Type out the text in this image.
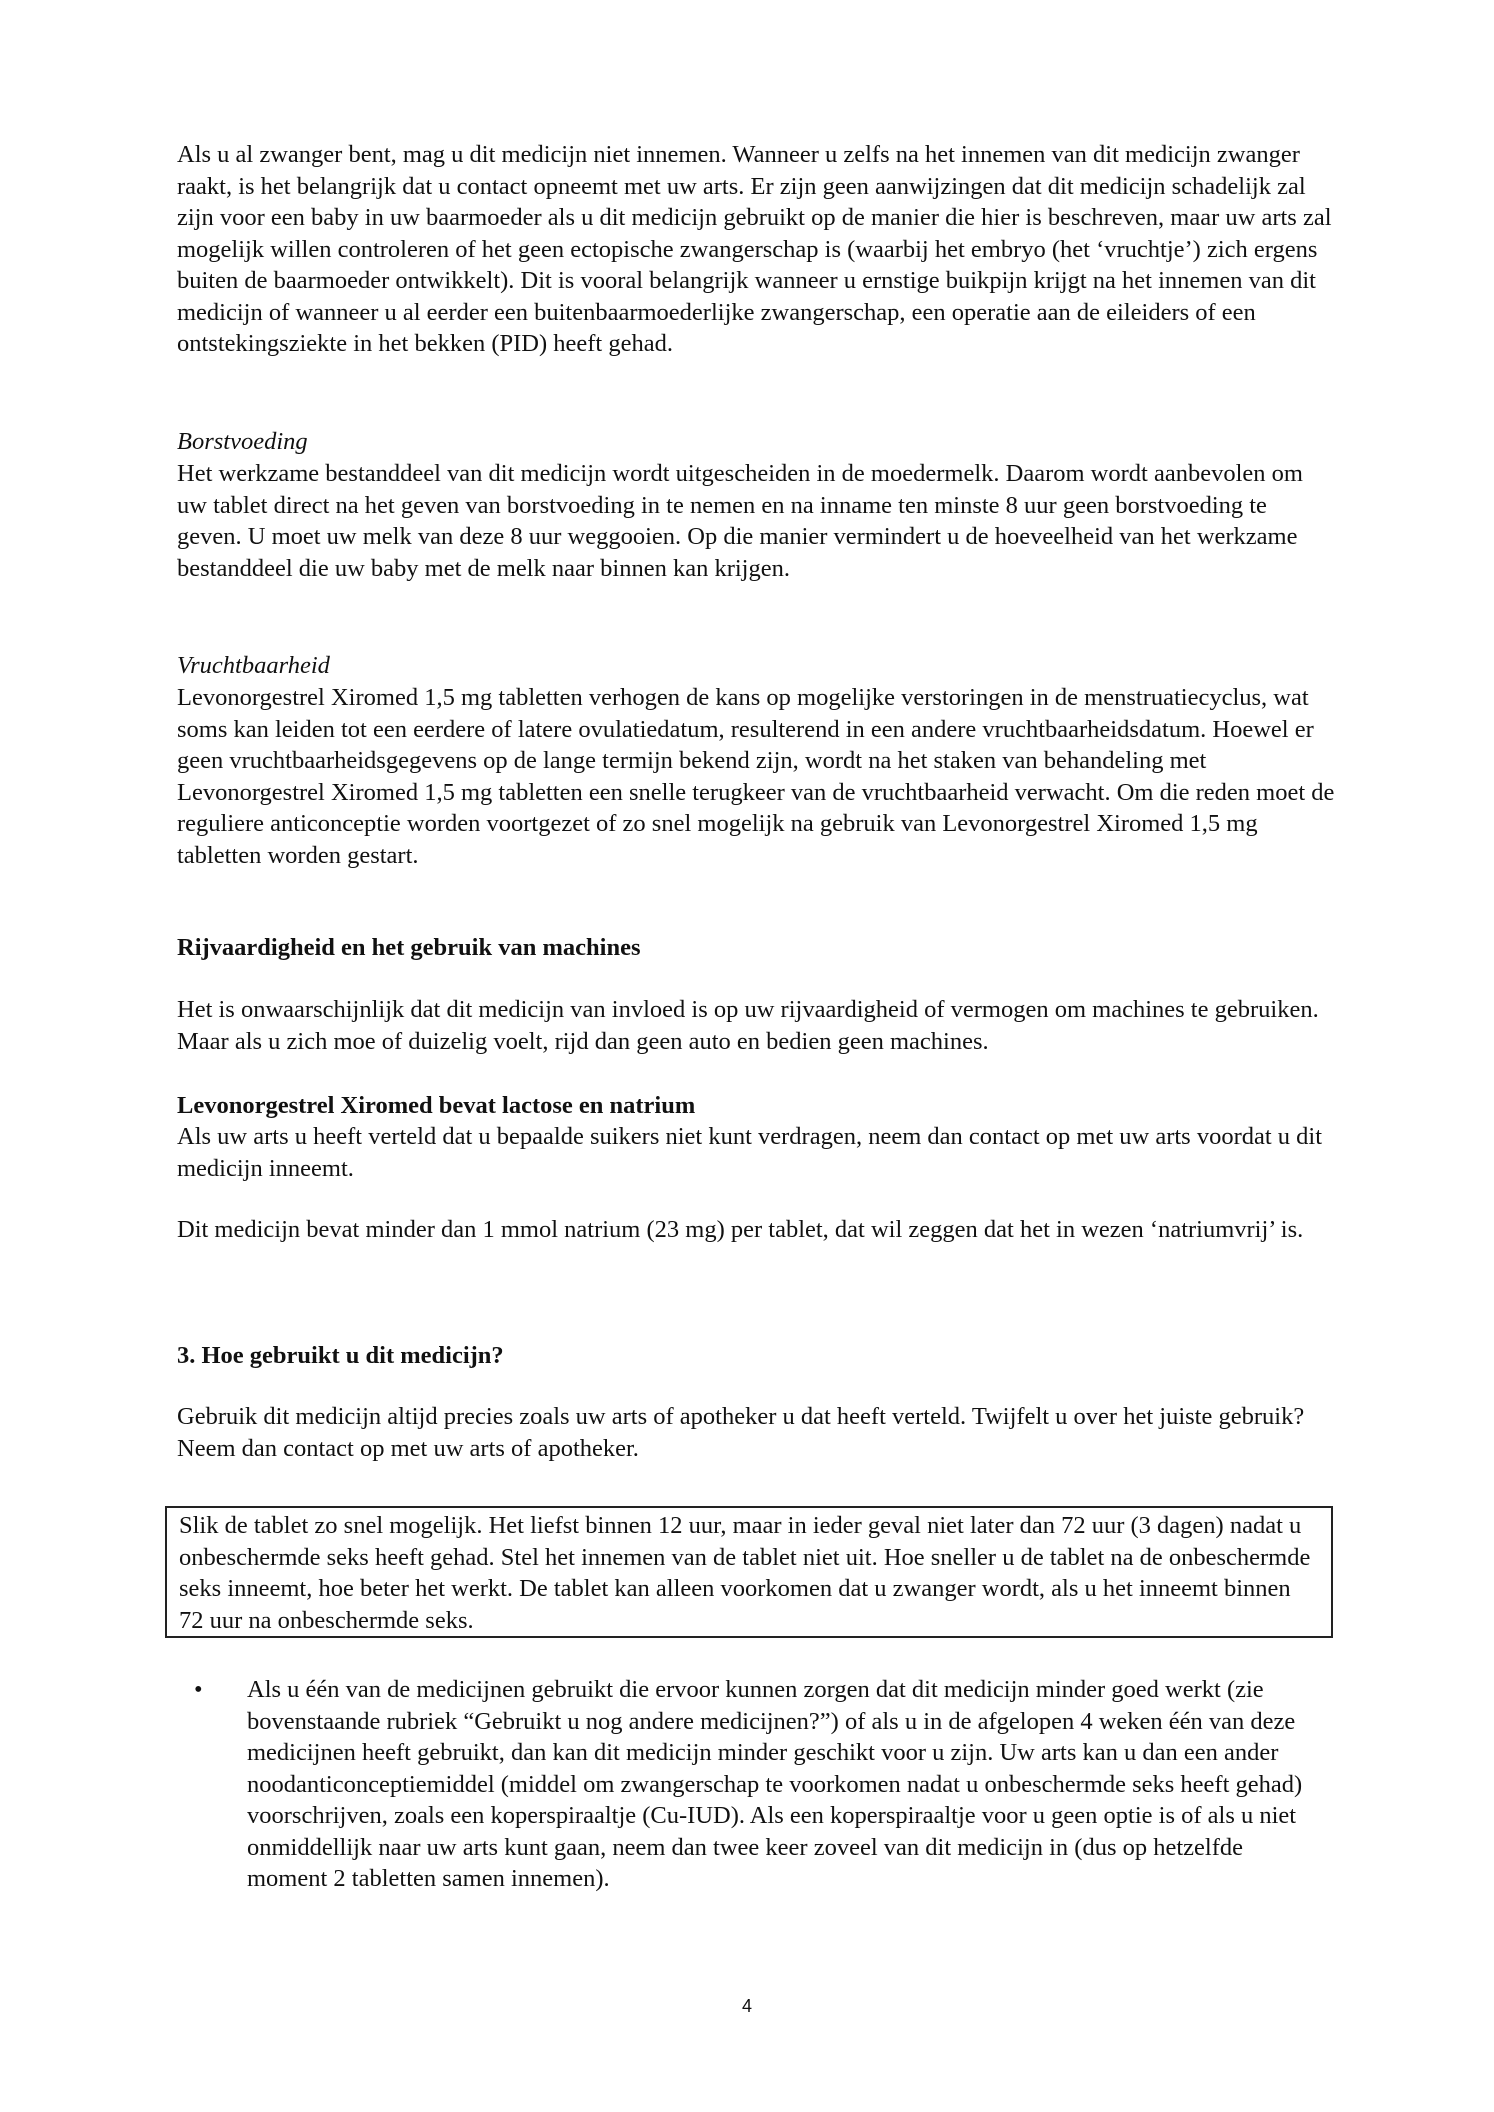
Als u al zwanger bent, mag u dit medicijn niet innemen. Wanneer u zelfs na het innemen van dit medicijn zwanger raakt, is het belangrijk dat u contact opneemt met uw arts. Er zijn geen aanwijzingen dat dit medicijn schadelijk zal zijn voor een baby in uw baarmoeder als u dit medicijn gebruikt op de manier die hier is beschreven, maar uw arts zal mogelijk willen controleren of het geen ectopische zwangerschap is (waarbij het embryo (het ‘vruchtje’) zich ergens buiten de baarmoeder ontwikkelt). Dit is vooral belangrijk wanneer u ernstige buikpijn krijgt na het innemen van dit medicijn of wanneer u al eerder een buitenbaarmoederlijke zwangerschap, een operatie aan de eileiders of een ontstekingsziekte in het bekken (PID) heeft gehad.

Borstvoeding

Het werkzame bestanddeel van dit medicijn wordt uitgescheiden in de moedermelk. Daarom wordt aanbevolen om uw tablet direct na het geven van borstvoeding in te nemen en na inname ten minste 8 uur geen borstvoeding te geven. U moet uw melk van deze 8 uur weggooien. Op die manier vermindert u de hoeveelheid van het werkzame bestanddeel die uw baby met de melk naar binnen kan krijgen.

Vruchtbaarheid

Levonorgestrel Xiromed 1,5 mg tabletten verhogen de kans op mogelijke verstoringen in de menstruatiecyclus, wat soms kan leiden tot een eerdere of latere ovulatiedatum, resulterend in een andere vruchtbaarheidsdatum. Hoewel er geen vruchtbaarheidsgegevens op de lange termijn bekend zijn, wordt na het staken van behandeling met Levonorgestrel Xiromed 1,5 mg tabletten een snelle terugkeer van de vruchtbaarheid verwacht. Om die reden moet de reguliere anticonceptie worden voortgezet of zo snel mogelijk na gebruik van Levonorgestrel Xiromed 1,5 mg tabletten worden gestart.

Rijvaardigheid en het gebruik van machines

Het is onwaarschijnlijk dat dit medicijn van invloed is op uw rijvaardigheid of vermogen om machines te gebruiken. Maar als u zich moe of duizelig voelt, rijd dan geen auto en bedien geen machines.

Levonorgestrel Xiromed bevat lactose en natrium

Als uw arts u heeft verteld dat u bepaalde suikers niet kunt verdragen, neem dan contact op met uw arts voordat u dit medicijn inneemt.

Dit medicijn bevat minder dan 1 mmol natrium (23 mg) per tablet, dat wil zeggen dat het in wezen ‘natriumvrij’ is.

3. Hoe gebruikt u dit medicijn?

Gebruik dit medicijn altijd precies zoals uw arts of apotheker u dat heeft verteld. Twijfelt u over het juiste gebruik? Neem dan contact op met uw arts of apotheker.

Slik de tablet zo snel mogelijk. Het liefst binnen 12 uur, maar in ieder geval niet later dan 72 uur (3 dagen) nadat u onbeschermde seks heeft gehad. Stel het innemen van de tablet niet uit. Hoe sneller u de tablet na de onbeschermde seks inneemt, hoe beter het werkt. De tablet kan alleen voorkomen dat u zwanger wordt, als u het inneemt binnen 72 uur na onbeschermde seks.
• Als u één van de medicijnen gebruikt die ervoor kunnen zorgen dat dit medicijn minder goed werkt (zie bovenstaande rubriek “Gebruikt u nog andere medicijnen?”) of als u in de afgelopen 4 weken één van deze medicijnen heeft gebruikt, dan kan dit medicijn minder geschikt voor u zijn. Uw arts kan u dan een ander noodanticonceptiemiddel (middel om zwangerschap te voorkomen nadat u onbeschermde seks heeft gehad) voorschrijven, zoals een koperspiraaltje (Cu-IUD). Als een koperspiraaltje voor u geen optie is of als u niet onmiddellijk naar uw arts kunt gaan, neem dan twee keer zoveel van dit medicijn in (dus op hetzelfde moment 2 tabletten samen innemen).

4
